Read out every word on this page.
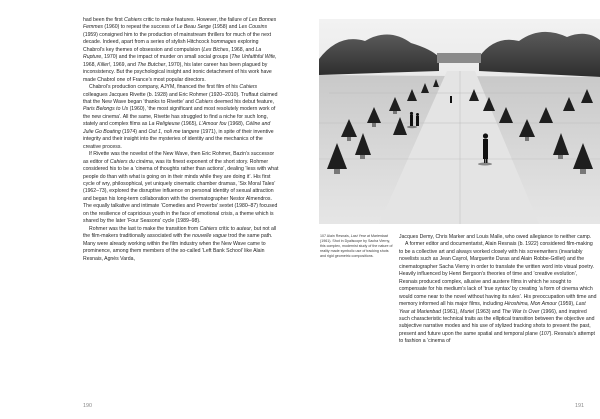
had been the first Cahiers critic to make features. However, the failure of Les Bonnes Femmes (1960) to repeat the success of Le Beau Serge (1958) and Les Cousins (1959) consigned him to the production of mainstream thrillers for much of the next decade. Indeed, apart from a series of stylish Hitchcock hommages exploring Chabrol’s key themes of obsession and compulsion (Les Biches, 1968, and La Rupture, 1970) and the impact of murder on small social groups (The Unfaithful Wife, 1968, Killer!, 1969, and The Butcher, 1970), his later career has been plagued by inconsistency. But the psychological insight and ironic detachment of his work have made Chabrol one of France’s most popular directors.

Chabrol’s production company, AJYM, financed the first film of his Cahiers colleagues Jacques Rivette (b. 1928) and Eric Rohmer (1920–2010). Truffaut claimed that the New Wave began ‘thanks to Rivette’ and Cahiers deemed his debut feature, Paris Belongs to Us (1960), ‘the most significant and most resolutely modern work of the new cinema’. All the same, Rivette has struggled to find a niche for such long, stately and complex films as La Religieuse (1965), L’Amour fou (1968), Céline and Julie Go Boating (1974) and Out 1, noli me tangere (1971), in spite of their inventive integrity and their insight into the mysteries of identity and the mechanics of the creative process.

If Rivette was the novelist of the New Wave, then Eric Rohmer, Bazin’s successor as editor of Cahiers du cinéma, was its finest exponent of the short story. Rohmer considered his to be a ‘cinema of thoughts rather than actions’, dealing ‘less with what people do than with what is going on in their minds while they are doing it’. His first cycle of wry, philosophical, yet uniquely cinematic chamber dramas, ‘Six Moral Tales’ (1962–73), explored the disruptive influence on personal identity of sexual attraction and began his long-term collaboration with the cinematographer Nestor Almendros. The equally talkative and intimate ‘Comedies and Proverbs’ sextet (1980–87) focused on the resilience of capricious youth in the face of emotional crisis, a theme which is shared by the later ‘Four Seasons’ cycle (1989–98).

Rohmer was the last to make the transition from Cahiers critic to auteur, but not all the film-makers traditionally associated with the nouvelle vague trod the same path. Many were already working within the film industry when the New Wave came to prominence, among them members of the so-called ‘Left Bank School’ like Alain Resnais, Agnès Varda,

190
107 Alain Resnais, Last Year at Marienbad (1961). Shot in Dyaliscope by Sacha Vierny, this complex, modernist study of the nature of reality made symbolic use of tracking shots and rigid geometric compositions.

Jacques Demy, Chris Marker and Louis Malle, who owed allegiance to neither camp.

A former editor and documentarist, Alain Resnais (b. 1922) considered film-making to be a collective art and always worked closely with his screenwriters (invariably novelists such as Jean Cayrol, Marguerite Duras and Alain Robbe-Grillet) and the cinematographer Sacha Vierny in order to translate the written word into visual poetry. Heavily influenced by Henri Bergson’s theories of time and ‘creative evolution’, Resnais produced complex, allusive and austere films in which he sought to compensate for his medium’s lack of ‘true syntax’ by creating ‘a form of cinema which would come near to the novel without having its rules’. His preoccupation with time and memory informed all his major films, including Hiroshima, Mon Amour (1959), Last Year at Marienbad (1961), Muriel (1963) and The War Is Over (1966), and inspired such characteristic technical traits as the elliptical transition between the objective and subjective narrative modes and his use of stylized tracking shots to present the past, present and future upon the same spatial and temporal plane (107). Resnais’s attempt to fashion a ‘cinema of

191
